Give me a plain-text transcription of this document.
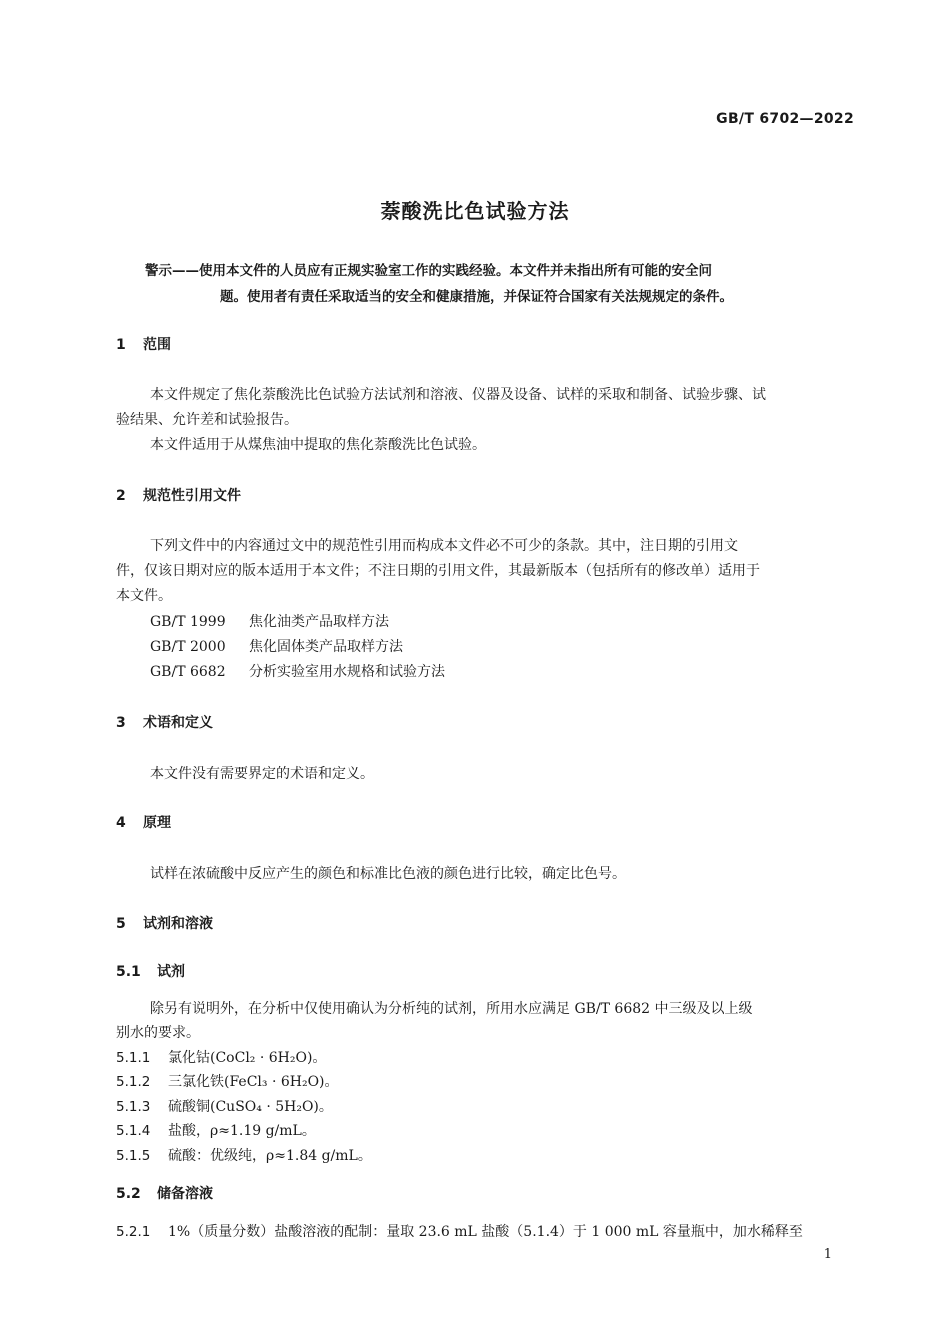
GB/T 6702—2022
萘酸洗比色试验方法
警示——使用本文件的人员应有正规实验室工作的实践经验。本文件并未指出所有可能的安全问
题。使用者有责任采取适当的安全和健康措施，并保证符合国家有关法规规定的条件。
1 范围
本文件规定了焦化萘酸洗比色试验方法试剂和溶液、仪器及设备、试样的采取和制备、试验步骤、试
验结果、允许差和试验报告。
本文件适用于从煤焦油中提取的焦化萘酸洗比色试验。
2 规范性引用文件
下列文件中的内容通过文中的规范性引用而构成本文件必不可少的条款。其中，注日期的引用文
件，仅该日期对应的版本适用于本文件；不注日期的引用文件，其最新版本（包括所有的修改单）适用于
本文件。
GB/T 1999 焦化油类产品取样方法
GB/T 2000 焦化固体类产品取样方法
GB/T 6682 分析实验室用水规格和试验方法
3 术语和定义
本文件没有需要界定的术语和定义。
4 原理
试样在浓硫酸中反应产生的颜色和标准比色液的颜色进行比较，确定比色号。
5 试剂和溶液
5.1 试剂
除另有说明外，在分析中仅使用确认为分析纯的试剂，所用水应满足 GB/T 6682 中三级及以上级
别水的要求。
5.1.1 氯化钴(CoCl₂ · 6H₂O)。
5.1.2 三氯化铁(FeCl₃ · 6H₂O)。
5.1.3 硫酸铜(CuSO₄ · 5H₂O)。
5.1.4 盐酸，ρ≈1.19 g/mL。
5.1.5 硫酸：优级纯，ρ≈1.84 g/mL。
5.2 储备溶液
5.2.1 1%（质量分数）盐酸溶液的配制：量取 23.6 mL 盐酸（5.1.4）于 1 000 mL 容量瓶中，加水稀释至
1
